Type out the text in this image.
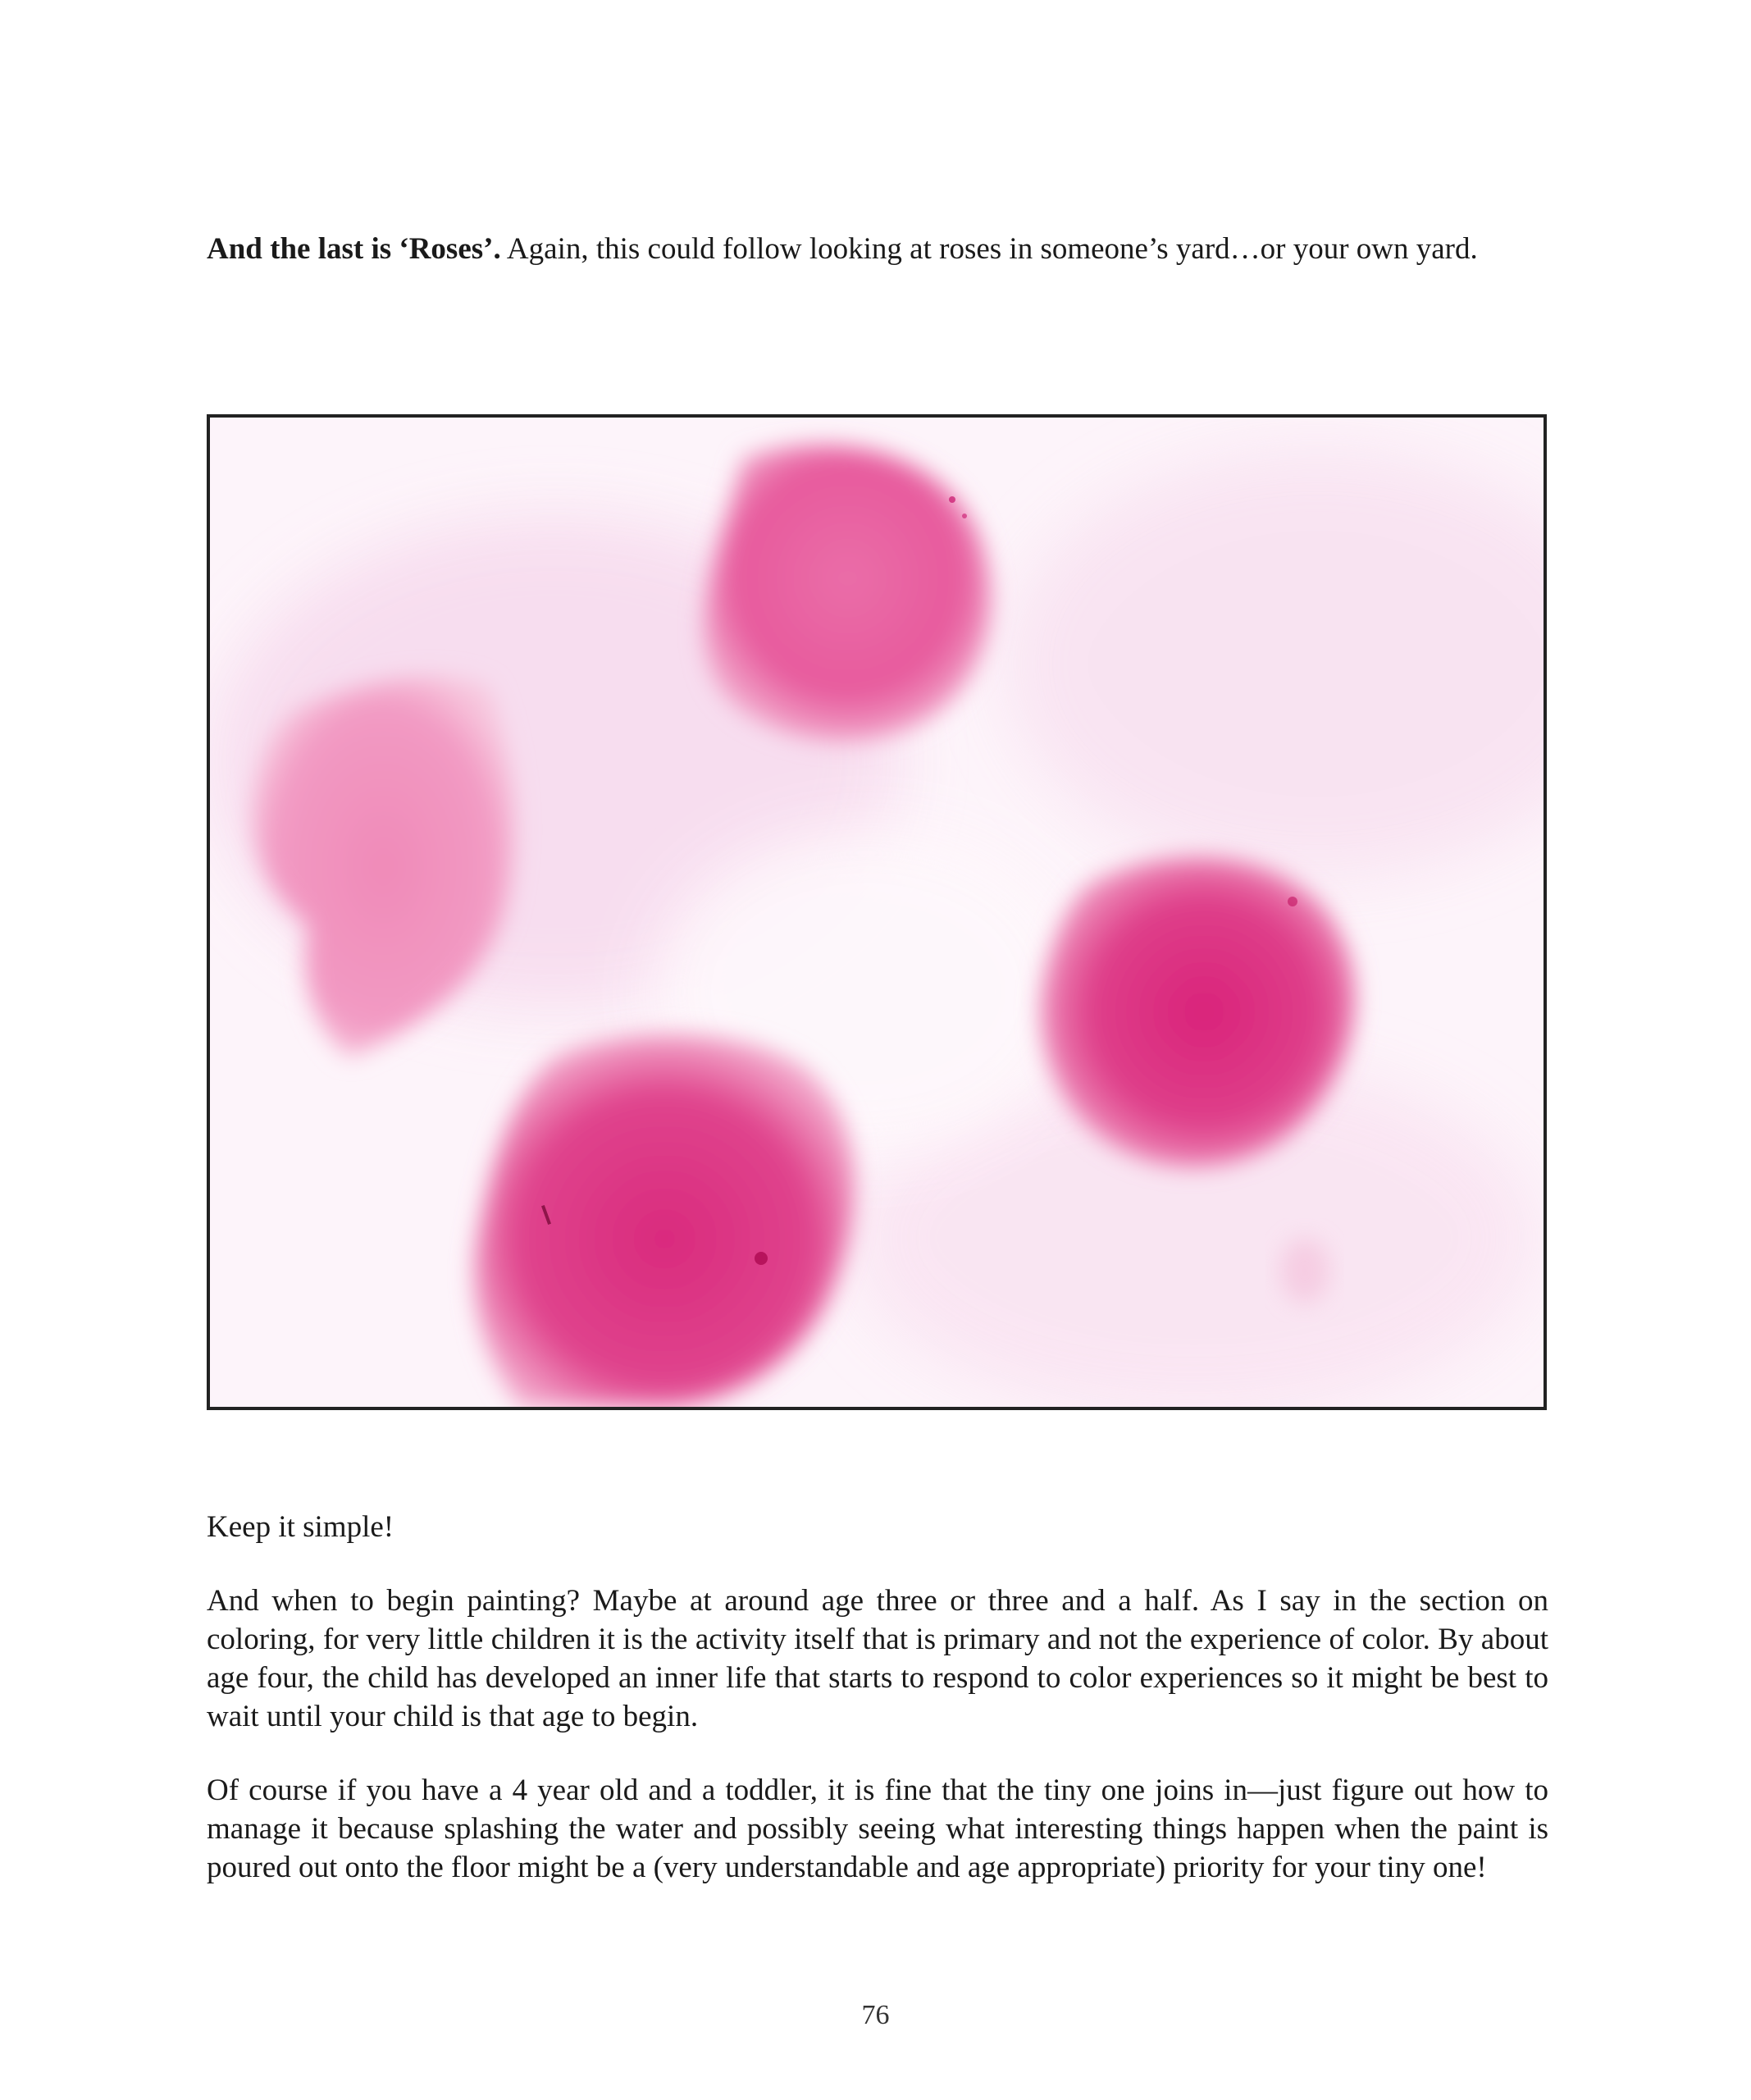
And the last is ‘Roses’. Again, this could follow looking at roses in someone’s yard…or your own yard.

Keep it simple!

And when to begin painting? Maybe at around age three or three and a half. As I say in the section on coloring, for very little children it is the activity itself that is primary and not the experience of color. By about age four, the child has developed an inner life that starts to respond to color experiences so it might be best to wait until your child is that age to begin.

Of course if you have a 4 year old and a toddler, it is fine that the tiny one joins in—just figure out how to manage it because splashing the water and possibly seeing what interesting things happen when the paint is poured out onto the floor might be a (very understandable and age appropriate) priority for your tiny one!

76
